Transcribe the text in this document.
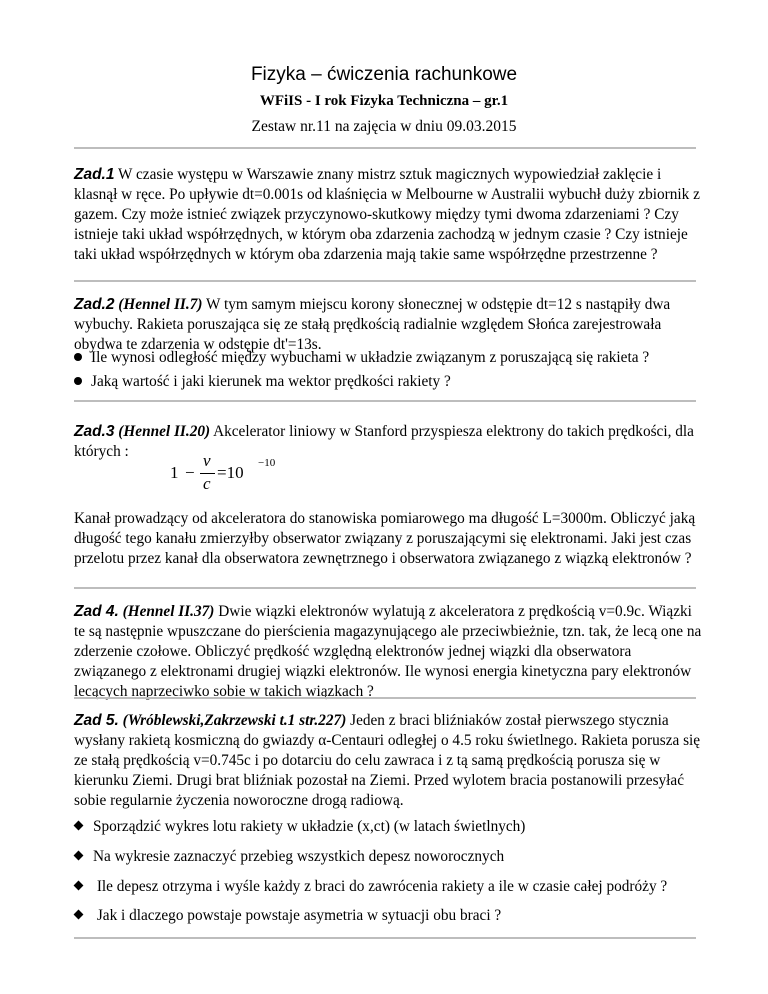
Fizyka – ćwiczenia rachunkowe
WFiIS - I rok Fizyka Techniczna – gr.1
Zestaw nr.11 na zajęcia w dniu 09.03.2015
Zad.1 W czasie występu w Warszawie znany mistrz sztuk magicznych wypowiedział zaklęcie i klasnął w ręce. Po upływie dt=0.001s od klaśnięcia w Melbourne w Australii wybuchł duży zbiornik z gazem. Czy może istnieć związek przyczynowo-skutkowy między tymi dwoma zdarzeniami ? Czy istnieje taki układ współrzędnych, w którym oba zdarzenia zachodzą w jednym czasie ? Czy istnieje taki układ współrzędnych w którym oba zdarzenia mają takie same współrzędne przestrzenne ?
Zad.2 (Hennel II.7) W tym samym miejscu korony słonecznej w odstępie dt=12 s nastąpiły dwa wybuchy. Rakieta poruszająca się ze stałą prędkością radialnie względem Słońca zarejestrowała obydwa te zdarzenia w odstępie dt'=13s.
Ile wynosi odległość między wybuchami w układzie związanym z poruszającą się rakieta ?
Jaką wartość i jaki kierunek ma wektor prędkości rakiety ?
Zad.3 (Hennel II.20) Akcelerator liniowy w Stanford przyspiesza elektrony do takich prędkości, dla których :
1 −
v
c
=10 −10
Kanał prowadzący od akceleratora do stanowiska pomiarowego ma długość L=3000m. Obliczyć jaką długość tego kanału zmierzyłby obserwator związany z poruszającymi się elektronami. Jaki jest czas przelotu przez kanał dla obserwatora zewnętrznego i obserwatora związanego z wiązką elektronów ?
Zad 4. (Hennel II.37) Dwie wiązki elektronów wylatują z akceleratora z prędkością v=0.9c. Wiązki te są następnie wpuszczane do pierścienia magazynującego ale przeciwbieżnie, tzn. tak, że lecą one na zderzenie czołowe. Obliczyć prędkość względną elektronów jednej wiązki dla obserwatora związanego z elektronami drugiej wiązki elektronów. Ile wynosi energia kinetyczna pary elektronów lecących naprzeciwko sobie w takich wiązkach ?
Zad 5. (Wróblewski,Zakrzewski t.1 str.227) Jeden z braci bliźniaków został pierwszego stycznia wysłany rakietą kosmiczną do gwiazdy α-Centauri odległej o 4.5 roku świetlnego. Rakieta porusza się ze stałą prędkością v=0.745c i po dotarciu do celu zawraca i z tą samą prędkością porusza się w kierunku Ziemi. Drugi brat bliźniak pozostał na Ziemi. Przed wylotem bracia postanowili przesyłać sobie regularnie życzenia noworoczne drogą radiową.
Sporządzić wykres lotu rakiety w układzie (x,ct) (w latach świetlnych)
Na wykresie zaznaczyć przebieg wszystkich depesz noworocznych
Ile depesz otrzyma i wyśle każdy z braci do zawrócenia rakiety a ile w czasie całej podróży ?
Jak i dlaczego powstaje powstaje asymetria w sytuacji obu braci ?
